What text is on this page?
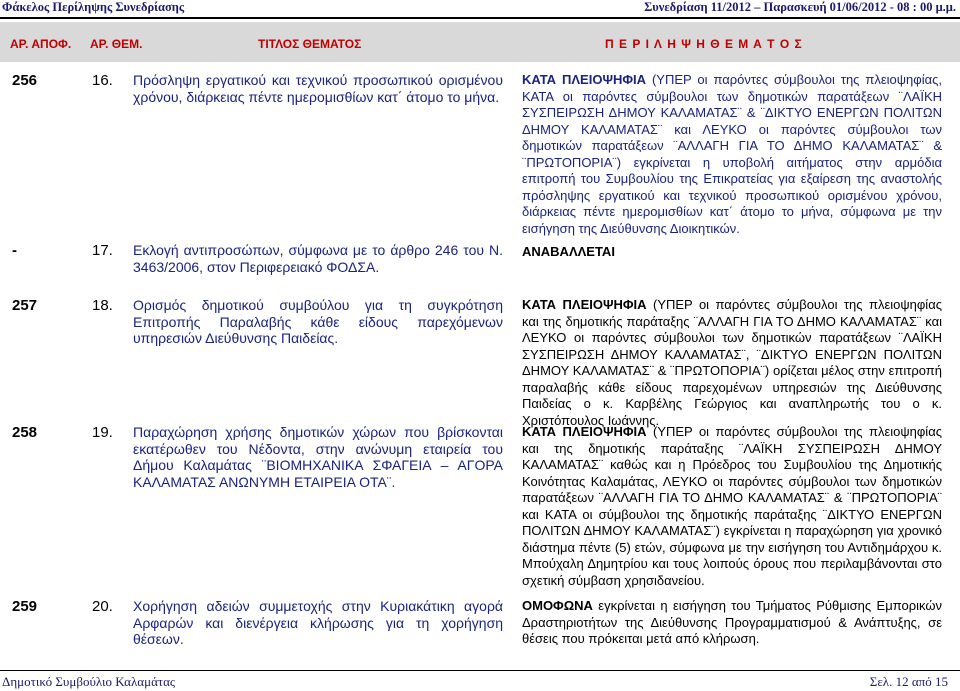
Φάκελος Περίληψης Συνεδρίασης	Συνεδρίαση 11/2012 – Παρασκευή 01/06/2012 - 08 : 00 μ.μ.
ΑΡ. ΑΠΟΦ. ΑΡ. ΘΕΜ.	ΤΙΤΛΟΣ ΘΕΜΑΤΟΣ	Π Ε Ρ Ι Λ Η Ψ Η Θ Ε Μ Α Τ Ο Σ
256	16. Πρόσληψη εργατικού και τεχνικού προσωπικού ορισμένου χρόνου, διάρκειας πέντε ημερομισθίων κατ΄ άτομο το μήνα.
ΚΑΤΑ ΠΛΕΙΟΨΗΦΙΑ (ΥΠΕΡ οι παρόντες σύμβουλοι της πλειοψηφίας, ΚΑΤΑ οι παρόντες σύμβουλοι των δημοτικών παρατάξεων ¨ΛΑΪΚΗ ΣΥΣΠΕΙΡΩΣΗ ΔΗΜΟΥ ΚΑΛΑΜΑΤΑΣ¨ & ¨ΔΙΚΤΥΟ ΕΝΕΡΓΩΝ ΠΟΛΙΤΩΝ ΔΗΜΟΥ ΚΑΛΑΜΑΤΑΣ¨ και ΛΕΥΚΟ οι παρόντες σύμβουλοι των δημοτικών παρατάξεων ¨ΑΛΛΑΓΗ ΓΙΑ ΤΟ ΔΗΜΟ ΚΑΛΑΜΑΤΑΣ¨ & ¨ΠΡΩΤΟΠΟΡΙΑ¨) εγκρίνεται η υποβολή αιτήματος στην αρμόδια επιτροπή του Συμβουλίου της Επικρατείας για εξαίρεση της αναστολής πρόσληψης εργατικού και τεχνικού προσωπικού ορισμένου χρόνου, διάρκειας πέντε ημερομισθίων κατ΄ άτομο το μήνα, σύμφωνα με την εισήγηση της Διεύθυνσης Διοικητικών.
-	17. Εκλογή αντιπροσώπων, σύμφωνα με το άρθρο 246 του Ν. 3463/2006, στον Περιφερειακό ΦΟΔΣΑ.
ΑΝΑΒΑΛΛΕΤΑΙ
257	18. Ορισμός δημοτικού συμβούλου για τη συγκρότηση Επιτροπής Παραλαβής κάθε είδους παρεχόμενων υπηρεσιών Διεύθυνσης Παιδείας.
ΚΑΤΑ ΠΛΕΙΟΨΗΦΙΑ (ΥΠΕΡ οι παρόντες σύμβουλοι της πλειοψηφίας και της δημοτικής παράταξης ¨ΑΛΛΑΓΗ ΓΙΑ ΤΟ ΔΗΜΟ ΚΑΛΑΜΑΤΑΣ¨ και ΛΕΥΚΟ οι παρόντες σύμβουλοι των δημοτικών παρατάξεων ¨ΛΑΪΚΗ ΣΥΣΠΕΙΡΩΣΗ ΔΗΜΟΥ ΚΑΛΑΜΑΤΑΣ¨, ¨ΔΙΚΤΥΟ ΕΝΕΡΓΩΝ ΠΟΛΙΤΩΝ ΔΗΜΟΥ ΚΑΛΑΜΑΤΑΣ¨ & ¨ΠΡΩΤΟΠΟΡΙΑ¨) ορίζεται μέλος στην επιτροπή παραλαβής κάθε είδους παρεχομένων υπηρεσιών της Διεύθυνσης Παιδείας ο κ. Καρβέλης Γεώργιος και αναπληρωτής του ο κ. Χριστόπουλος Ιωάννης.
258	19. Παραχώρηση χρήσης δημοτικών χώρων που βρίσκονται εκατέρωθεν του Νέδοντα, στην ανώνυμη εταιρεία του Δήμου Καλαμάτας ¨ΒΙΟΜΗΧΑΝΙΚΑ ΣΦΑΓΕΙΑ – ΑΓΟΡΑ ΚΑΛΑΜΑΤΑΣ ΑΝΩΝΥΜΗ ΕΤΑΙΡΕΙΑ ΟΤΑ¨.
ΚΑΤΑ ΠΛΕΙΟΨΗΦΙΑ (ΥΠΕΡ οι παρόντες σύμβουλοι της πλειοψηφίας και της δημοτικής παράταξης ¨ΛΑΪΚΗ ΣΥΣΠΕΙΡΩΣΗ ΔΗΜΟΥ ΚΑΛΑΜΑΤΑΣ¨ καθώς και η Πρόεδρος του Συμβουλίου της Δημοτικής Κοινότητας Καλαμάτας, ΛΕΥΚΟ οι παρόντες σύμβουλοι των δημοτικών παρατάξεων ¨ΑΛΛΑΓΗ ΓΙΑ ΤΟ ΔΗΜΟ ΚΑΛΑΜΑΤΑΣ¨ & ¨ΠΡΩΤΟΠΟΡΙΑ¨ και ΚΑΤΑ οι σύμβουλοι της δημοτικής παράταξης ¨ΔΙΚΤΥΟ ΕΝΕΡΓΩΝ ΠΟΛΙΤΩΝ ΔΗΜΟΥ ΚΑΛΑΜΑΤΑΣ¨) εγκρίνεται η παραχώρηση για χρονικό διάστημα πέντε (5) ετών, σύμφωνα με την εισήγηση του Αντιδημάρχου κ. Μπούχαλη Δημητρίου και τους λοιπούς όρους που περιλαμβάνονται στο σχετική σύμβαση χρησιδανείου.
259	20. Χορήγηση αδειών συμμετοχής στην Κυριακάτικη αγορά Αρφαρών και διενέργεια κλήρωσης για τη χορήγηση θέσεων.
ΟΜΟΦΩΝΑ εγκρίνεται η εισήγηση του Τμήματος Ρύθμισης Εμπορικών Δραστηριοτήτων της Διεύθυνσης Προγραμματισμού & Ανάπτυξης, σε θέσεις που πρόκειται μετά από κλήρωση.
Δημοτικό Συμβούλιο Καλαμάτας	Σελ. 12 από 15
